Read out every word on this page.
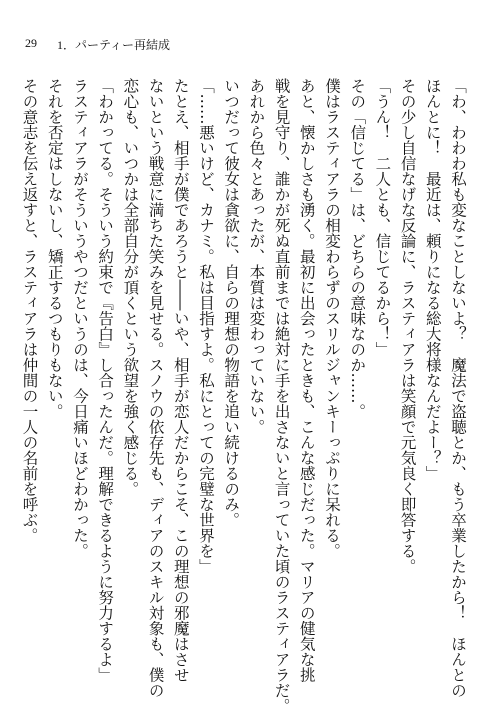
29 1．パーティー再結成
「わ、わわわ私も変なことしないよ？　魔法で盗聴とか、もう卒業したから！　ほんとの
ほんとに！　最近は、頼りになる総大将様なんだよー？」
その少し自信なげな反論に、ラスティアラは笑顔で元気良く即答する。
「うん！　二人とも、信じてるから！」
その「信じてる」は、どちらの意味なのか……。
僕はラスティアラの相変わらずのスリルジャンキーっぷりに呆れる。
あと、懐かしさも湧く。最初に出会ったときも、こんな感じだった。マリアの健気な挑
戦を見守り、誰かが死ぬ直前までは絶対に手を出さないと言っていた頃のラスティアラだ。
あれから色々とあったが、本質は変わっていない。
いつだって彼女は貪欲に、自らの理想の物語を追い続けるのみ。
「……悪いけど、カナミ。私は目指すよ。私にとっての完璧な世界を」
たとえ、相手が僕であろうと――いや、相手が恋人だからこそ、この理想の邪魔はさせ
ないという戦意に満ちた笑みを見せる。スノウの依存先も、ディアのスキル対象も、僕の
恋心も、いつかは全部自分が頂くという欲望を強く感じる。
「わかってる。そういう約束で『告白』し合ったんだ。理解できるように努力するよ」
ラスティアラがそういうやつだというのは、今日痛いほどわかった。
それを否定はしないし、矯正するつもりもない。
その意志を伝え返すと、ラスティアラは仲間の一人の名前を呼ぶ。
